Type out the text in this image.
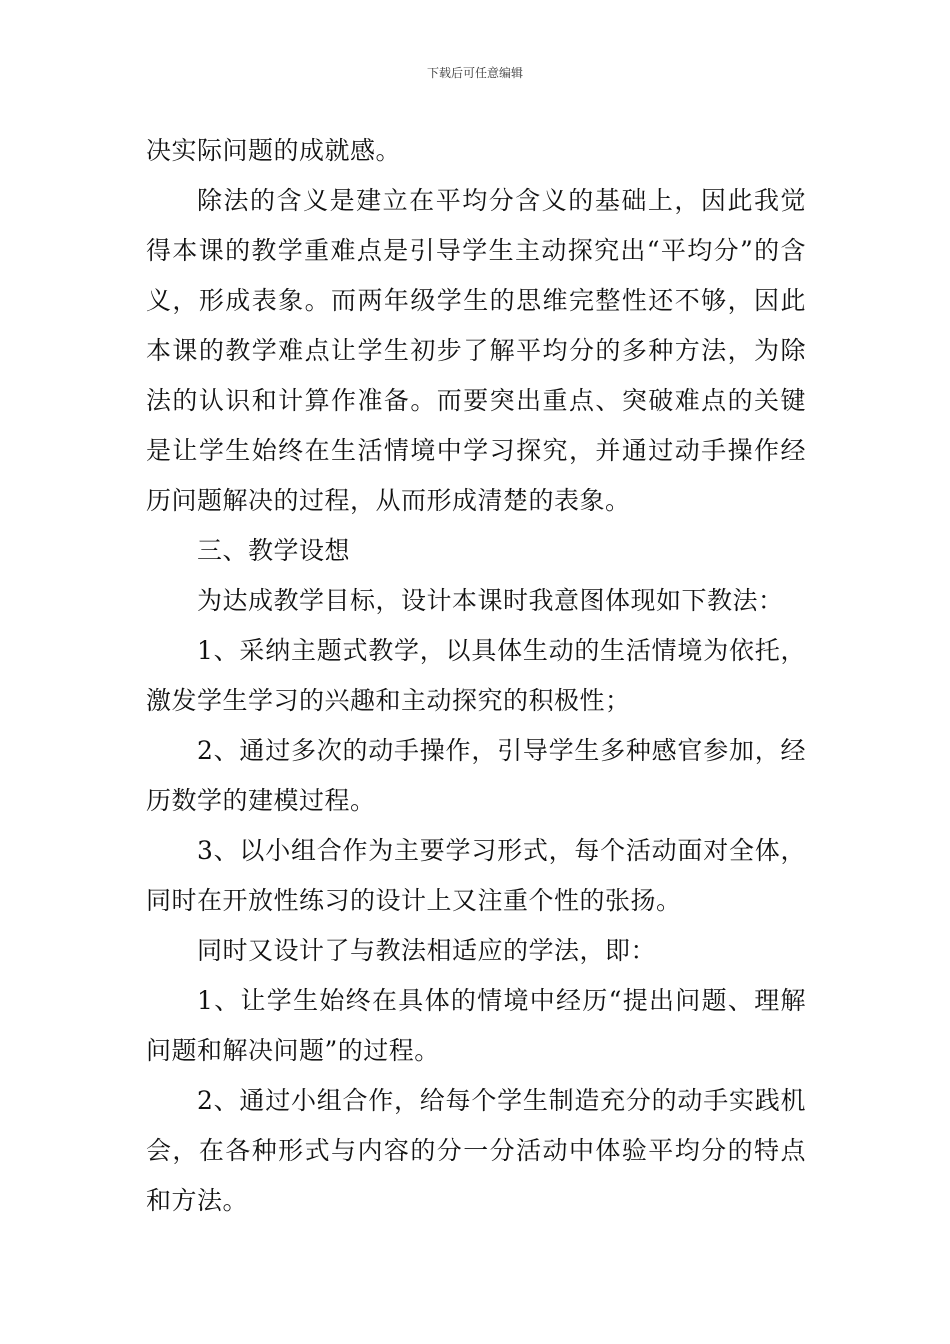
下载后可任意编辑

决实际问题的成就感。

除法的含义是建立在平均分含义的基础上，因此我觉得本课的教学重难点是引导学生主动探究出“平均分”的含义，形成表象。而两年级学生的思维完整性还不够，因此本课的教学难点让学生初步了解平均分的多种方法，为除法的认识和计算作准备。而要突出重点、突破难点的关键是让学生始终在生活情境中学习探究，并通过动手操作经历问题解决的过程，从而形成清楚的表象。

三、教学设想

为达成教学目标，设计本课时我意图体现如下教法：

1、采纳主题式教学，以具体生动的生活情境为依托，激发学生学习的兴趣和主动探究的积极性；

2、通过多次的动手操作，引导学生多种感官参加，经历数学的建模过程。

3、以小组合作为主要学习形式，每个活动面对全体，同时在开放性练习的设计上又注重个性的张扬。

同时又设计了与教法相适应的学法，即：

1、让学生始终在具体的情境中经历“提出问题、理解问题和解决问题”的过程。

2、通过小组合作，给每个学生制造充分的动手实践机会，在各种形式与内容的分一分活动中体验平均分的特点和方法。
